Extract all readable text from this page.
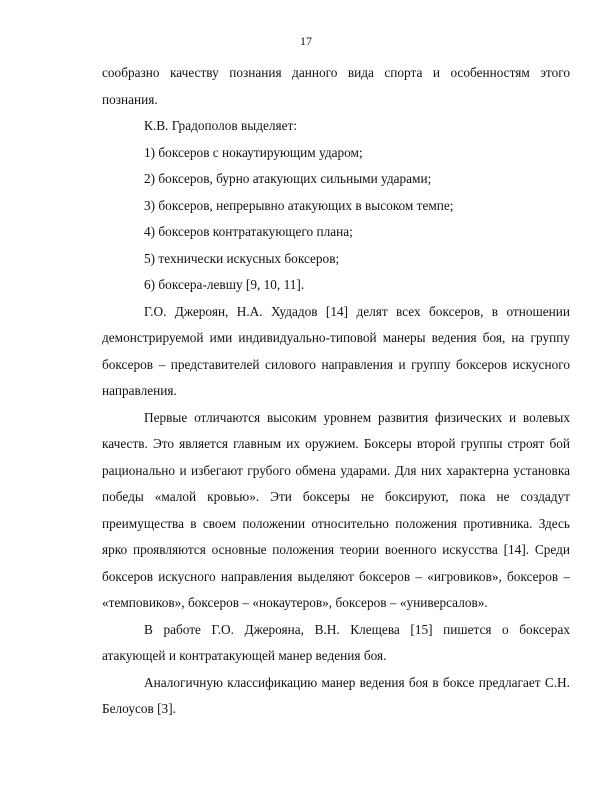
17

сообразно качеству познания данного вида спорта и особенностям этого познания.

К.В. Градополов выделяет:

1) боксеров с нокаутирующим ударом;

2) боксеров, бурно атакующих сильными ударами;

3) боксеров, непрерывно атакующих в высоком темпе;

4) боксеров контратакующего плана;

5) технически искусных боксеров;

6) боксера-левшу [9, 10, 11].

Г.О. Джероян, Н.А. Худадов [14] делят всех боксеров, в отношении демонстрируемой ими индивидуально-типовой манеры ведения боя, на группу боксеров – представителей силового направления и группу боксеров искусного направления.

Первые отличаются высоким уровнем развития физических и волевых качеств. Это является главным их оружием. Боксеры второй группы строят бой рационально и избегают грубого обмена ударами. Для них характерна установка победы «малой кровью». Эти боксеры не боксируют, пока не создадут преимущества в своем положении относительно положения противника. Здесь ярко проявляются основные положения теории военного искусства [14]. Среди боксеров искусного направления выделяют боксеров – «игровиков», боксеров – «темповиков», боксеров – «нокаутеров», боксеров – «универсалов».

В работе Г.О. Джерояна, В.Н. Клещева [15] пишется о боксерах атакующей и контратакующей манер ведения боя.

Аналогичную классификацию манер ведения боя в боксе предлагает С.Н. Белоусов [3].
